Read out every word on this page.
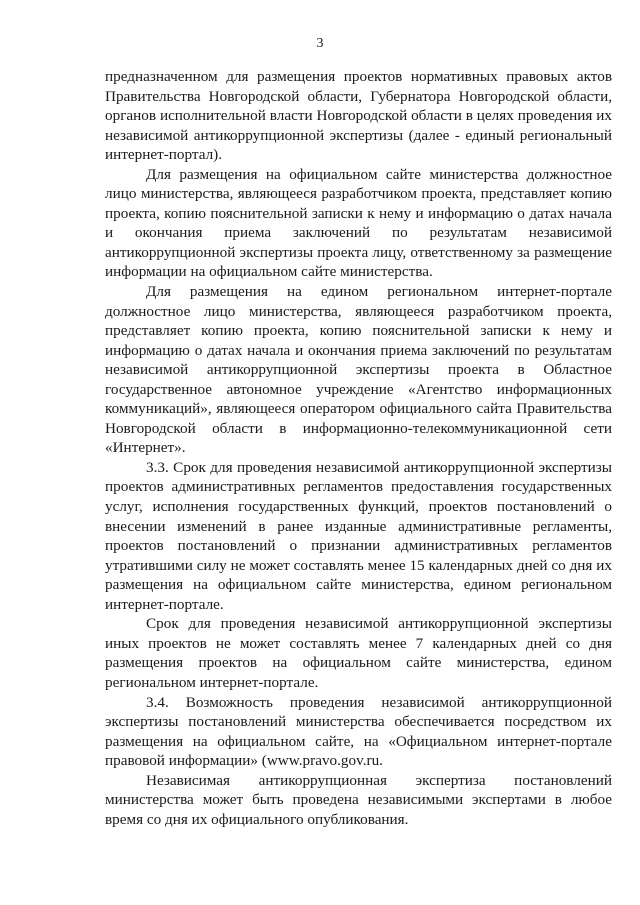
3

предназначенном для размещения проектов нормативных правовых актов Правительства Новгородской области, Губернатора Новгородской области, органов исполнительной власти Новгородской области в целях проведения их независимой антикоррупционной экспертизы (далее - единый региональный интернет-портал).

Для размещения на официальном сайте министерства должностное лицо министерства, являющееся разработчиком проекта, представляет копию проекта, копию пояснительной записки к нему и информацию о датах начала и окончания приема заключений по результатам независимой антикоррупционной экспертизы проекта лицу, ответственному за размещение информации на официальном сайте министерства.

Для размещения на едином региональном интернет-портале должностное лицо министерства, являющееся разработчиком проекта, представляет копию проекта, копию пояснительной записки к нему и информацию о датах начала и окончания приема заключений по результатам независимой антикоррупционной экспертизы проекта в Областное государственное автономное учреждение «Агентство информационных коммуникаций», являющееся оператором официального сайта Правительства Новгородской области в информационно-телекоммуникационной сети «Интернет».

3.3. Срок для проведения независимой антикоррупционной экспертизы проектов административных регламентов предоставления государственных услуг, исполнения государственных функций, проектов постановлений о внесении изменений в ранее изданные административные регламенты, проектов постановлений о признании административных регламентов утратившими силу не может составлять менее 15 календарных дней со дня их размещения на официальном сайте министерства, едином региональном интернет-портале.

Срок для проведения независимой антикоррупционной экспертизы иных проектов не может составлять менее 7 календарных дней со дня размещения проектов на официальном сайте министерства, едином региональном интернет-портале.

3.4. Возможность проведения независимой антикоррупционной экспертизы постановлений министерства обеспечивается посредством их размещения на официальном сайте, на «Официальном интернет-портале правовой информации» (www.pravo.gov.ru.

Независимая антикоррупционная экспертиза постановлений министерства может быть проведена независимыми экспертами в любое время со дня их официального опубликования.
